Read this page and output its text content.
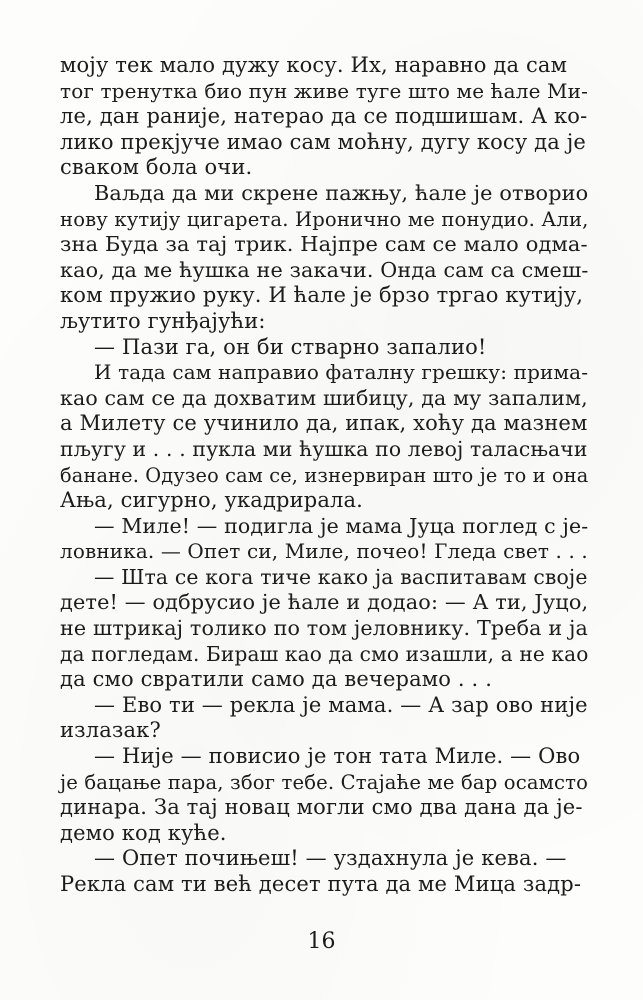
моју тек мало дужу косу. Их, наравно да сам
тог тренутка био пун живе туге што ме ћале Ми-
ле, дан раније, натерао да се подшишам. А ко-
лико прекјуче имао сам моћну, дугу косу да је
сваком бола очи.
Ваљда да ми скрене пажњу, ћале је отворио
нову кутију цигарета. Иронично ме понудио. Али,
зна Буда за тај трик. Најпре сам се мало одма-
као, да ме ћушка не закачи. Онда сам са смеш-
ком пружио руку. И ћале је брзо тргао кутију,
љутито гунђајући:
— Пази га, он би стварно запалио!
И тада сам направио фаталну грешку: прима-
као сам се да дохватим шибицу, да му запалим,
а Милету се учинило да, ипак, хоћу да мазнем
пљугу и . . . пукла ми ћушка по левој таласњачи
банане. Одузео сам се, изнервиран што је то и она
Ања, сигурно, укадрирала.
— Миле! — подигла је мама Јуца поглед с је-
ловника. — Опет си, Миле, почео! Гледа свет . . .
— Шта се кога тиче како ја васпитавам своје
дете! — одбрусио је ћале и додао: — А ти, Јуцо,
не штрикај толико по том јеловнику. Треба и ја
да погледам. Бираш као да смо изашли, а не као
да смо свратили само да вечерамо . . .
— Ево ти — рекла је мама. — А зар ово није
излазак?
— Није — повисио је тон тата Миле. — Ово
је бацање пара, због тебе. Стајаће ме бар осамсто
динара. За тај новац могли смо два дана да је-
демо код куће.
— Опет почињеш! — уздахнула је кева. —
Рекла сам ти већ десет пута да ме Мица задр-
16
